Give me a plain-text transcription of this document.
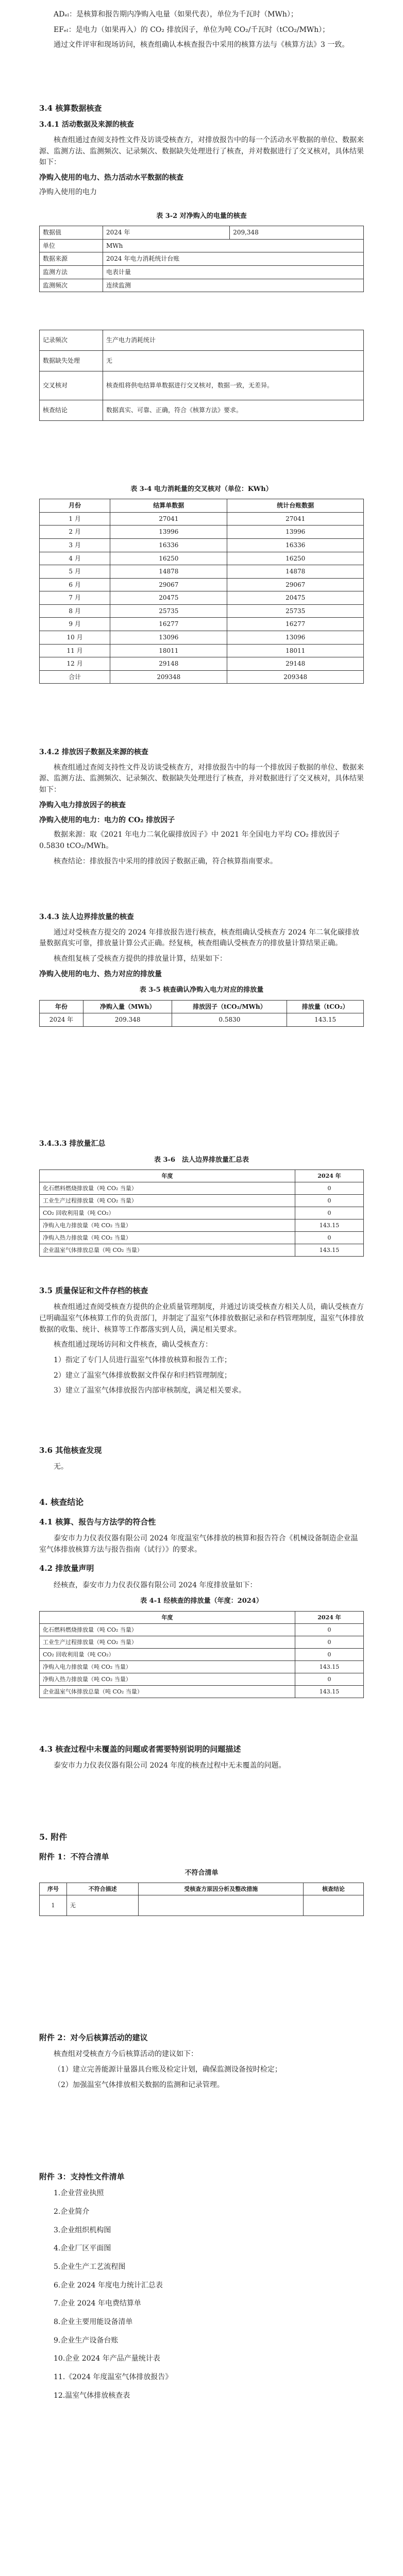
ADₑₗ：是核算和报告期内净购入电量（如果代表），单位为千瓦时（MWh）；

EFₑₗ：是电力（如果再入）的 CO₂ 排放因子，单位为吨 CO₂/千瓦时（tCO₂/MWh）；

通过文件评审和现场访问，核查组确认本核查报告中采用的核算方法与《核算方法》3 一致。

3.4 核算数据核查
3.4.1 活动数据及来源的核查

核查组通过查阅支持性文件及访谈受核查方，对排放报告中的每一个活动水平数据的单位、数据来源、监测方法、监测频次、记录频次、数据缺失处理进行了核查，并对数据进行了交叉核对，具体结果如下：

净购入使用的电力、热力活动水平数据的核查

净购入使用的电力

表 3-2 对净购入的电量的核查
数据值	2024 年	209,348
单位	MWh	
数据来源	2024 年电力消耗统计台账	
监测方法	电表计量	
监测频次	连续监测	
记录频次	生产电力消耗统计
数据缺失处理	无
交叉核对	核查组将供电结算单数据进行交叉核对，数据一致，无差异。
核查结论	数据真实、可靠、正确，符合《核算方法》要求。
表 3-4 电力消耗量的交叉核对（单位：KWh）
月份	结算单数据	统计台账数据
1 月	27041	27041
2 月	13996	13996
3 月	16336	16336
4 月	16250	16250
5 月	14878	14878
6 月	29067	29067
7 月	20475	20475
8 月	25735	25735
9 月	16277	16277
10 月	13096	13096
11 月	18011	18011
12 月	29148	29148
合计	209348	209348
3.4.2 排放因子数据及来源的核查

核查组通过查阅支持性文件及访谈受核查方，对排放报告中的每一个排放因子数据的单位、数据来源、监测方法、监测频次、记录频次、数据缺失处理进行了核查，并对数据进行了交叉核对，具体结果如下：

净购入电力排放因子的核查
净购入使用的电力：电力的 CO₂ 排放因子

数据来源：取《2021 年电力二氧化碳排放因子》中 2021 年全国电力平均 CO₂ 排放因子 0.5830 tCO₂/MWh。

核查结论：排放报告中采用的排放因子数据正确，符合核算指南要求。

3.4.3 法人边界排放量的核查

通过对受核查方提交的 2024 年排放报告进行核查，核查组确认受核查方 2024 年二氧化碳排放量数据真实可靠，排放量计算公式正确。经复核，核查组确认受核查方的排放量计算结果正确。

核查组复核了受核查方提供的排放量计算，结果如下：

净购入使用的电力、热力对应的排放量
表 3-5 核查确认净购入电力对应的排放量
年份	净购入量（MWh）	排放因子（tCO₂/MWh）	排放量（tCO₂）
2024 年	209.348	0.5830	143.15
3.4.3.3 排放量汇总
表 3-6　法人边界排放量汇总表
年度	2024 年
化石燃料燃烧排放量（吨 CO₂ 当量）	0
工业生产过程排放量（吨 CO₂ 当量）	0
CO₂ 回收利用量（吨 CO₂）	0
净购入电力排放量（吨 CO₂ 当量）	143.15
净购入热力排放量（吨 CO₂ 当量）	0
企业温室气体排放总量（吨 CO₂ 当量）	143.15
3.5 质量保证和文件存档的核查

核查组通过查阅受核查方提供的企业质量管理制度，并通过访谈受核查方相关人员，确认受核查方已明确温室气体核算工作的负责部门，并制定了温室气体排放数据记录和存档管理制度，温室气体排放数据的收集、统计、核算等工作都落实到人员，满足相关要求。

核查组通过现场访问和文件核查，确认受核查方：

1）指定了专门人员进行温室气体排放核算和报告工作；

2）建立了温室气体排放数据文件保存和归档管理制度；

3）建立了温室气体排放报告内部审核制度，满足相关要求。

3.6 其他核查发现

无。

4. 核查结论
4.1 核算、报告与方法学的符合性

泰安市力力仪表仪器有限公司 2024 年度温室气体排放的核算和报告符合《机械设备制造企业温室气体排放核算方法与报告指南（试行）》的要求。

4.2 排放量声明

经核查，泰安市力力仪表仪器有限公司 2024 年度排放量如下：

表 4-1 经核查的排放量（年度：2024）
年度	2024 年
化石燃料燃烧排放量（吨 CO₂ 当量）	0
工业生产过程排放量（吨 CO₂ 当量）	0
CO₂ 回收利用量（吨 CO₂）	0
净购入电力排放量（吨 CO₂ 当量）	143.15
净购入热力排放量（吨 CO₂ 当量）	0
企业温室气体排放总量（吨 CO₂ 当量）	143.15
4.3 核查过程中未覆盖的问题或者需要特别说明的问题描述

泰安市力力仪表仪器有限公司 2024 年度的核查过程中无未覆盖的问题。

5. 附件
附件 1：不符合清单
不符合清单
序号	不符合描述	受核查方原因分析及整改措施	核查结论
1	无		
附件 2：对今后核算活动的建议

核查组对受核查方今后核算活动的建议如下：

（1）建立完善能源计量器具台账及检定计划，确保监测设备按时检定；

（2）加强温室气体排放相关数据的监测和记录管理。

附件 3：支持性文件清单

1.企业营业执照

2.企业简介

3.企业组织机构图

4.企业厂区平面图

5.企业生产工艺流程图

6.企业 2024 年度电力统计汇总表

7.企业 2024 年电费结算单

8.企业主要用能设备清单

9.企业生产设备台账

10.企业 2024 年产品产量统计表

11.《2024 年度温室气体排放报告》

12.温室气体排放核查表
